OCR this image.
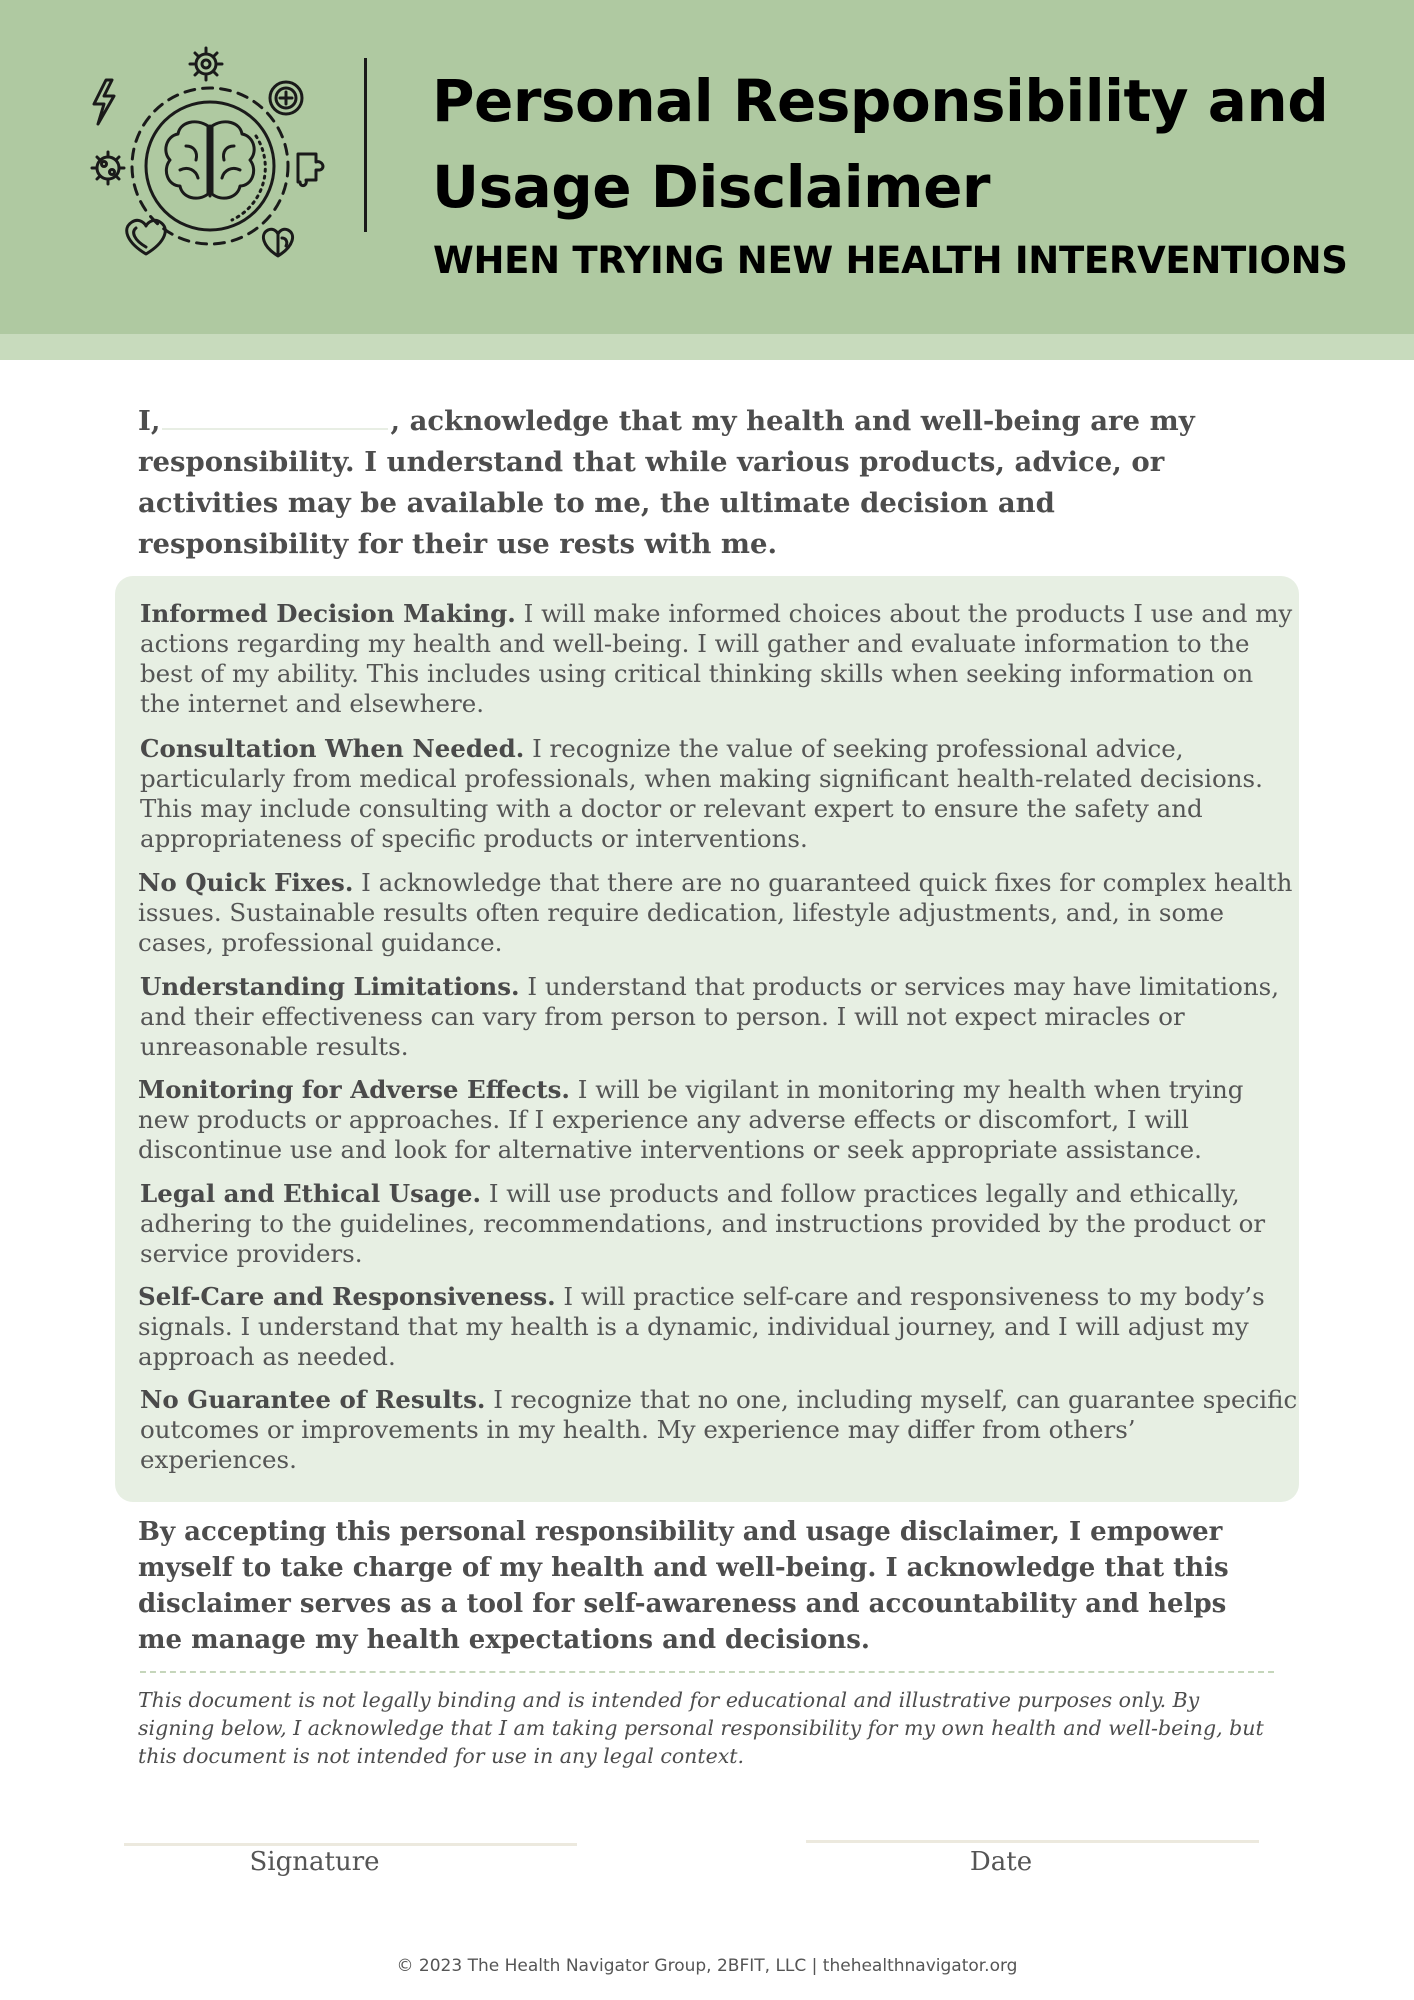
Personal Responsibility and Usage Disclaimer
WHEN TRYING NEW HEALTH INTERVENTIONS

I,	, acknowledge that my health and well-being are my responsibility. I understand that while various products, advice, or activities may be available to me, the ultimate decision and responsibility for their use rests with me.

Informed Decision Making. I will make informed choices about the products I use and my actions regarding my health and well-being. I will gather and evaluate information to the best of my ability. This includes using critical thinking skills when seeking information on the internet and elsewhere.

Consultation When Needed. I recognize the value of seeking professional advice, particularly from medical professionals, when making significant health-related decisions. This may include consulting with a doctor or relevant expert to ensure the safety and appropriateness of specific products or interventions.

No Quick Fixes. I acknowledge that there are no guaranteed quick fixes for complex health issues. Sustainable results often require dedication, lifestyle adjustments, and, in some cases, professional guidance.

Understanding Limitations. I understand that products or services may have limitations, and their effectiveness can vary from person to person. I will not expect miracles or unreasonable results.

Monitoring for Adverse Effects. I will be vigilant in monitoring my health when trying new products or approaches. If I experience any adverse effects or discomfort, I will discontinue use and look for alternative interventions or seek appropriate assistance.

Legal and Ethical Usage. I will use products and follow practices legally and ethically, adhering to the guidelines, recommendations, and instructions provided by the product or service providers.

Self-Care and Responsiveness. I will practice self-care and responsiveness to my body’s signals. I understand that my health is a dynamic, individual journey, and I will adjust my approach as needed.

No Guarantee of Results. I recognize that no one, including myself, can guarantee specific outcomes or improvements in my health. My experience may differ from others’ experiences.

By accepting this personal responsibility and usage disclaimer, I empower myself to take charge of my health and well-being. I acknowledge that this disclaimer serves as a tool for self-awareness and accountability and helps me manage my health expectations and decisions.

This document is not legally binding and is intended for educational and illustrative purposes only. By signing below, I acknowledge that I am taking personal responsibility for my own health and well-being, but this document is not intended for use in any legal context.

Signature	Date
© 2023 The Health Navigator Group, 2BFIT, LLC | thehealthnavigator.org
